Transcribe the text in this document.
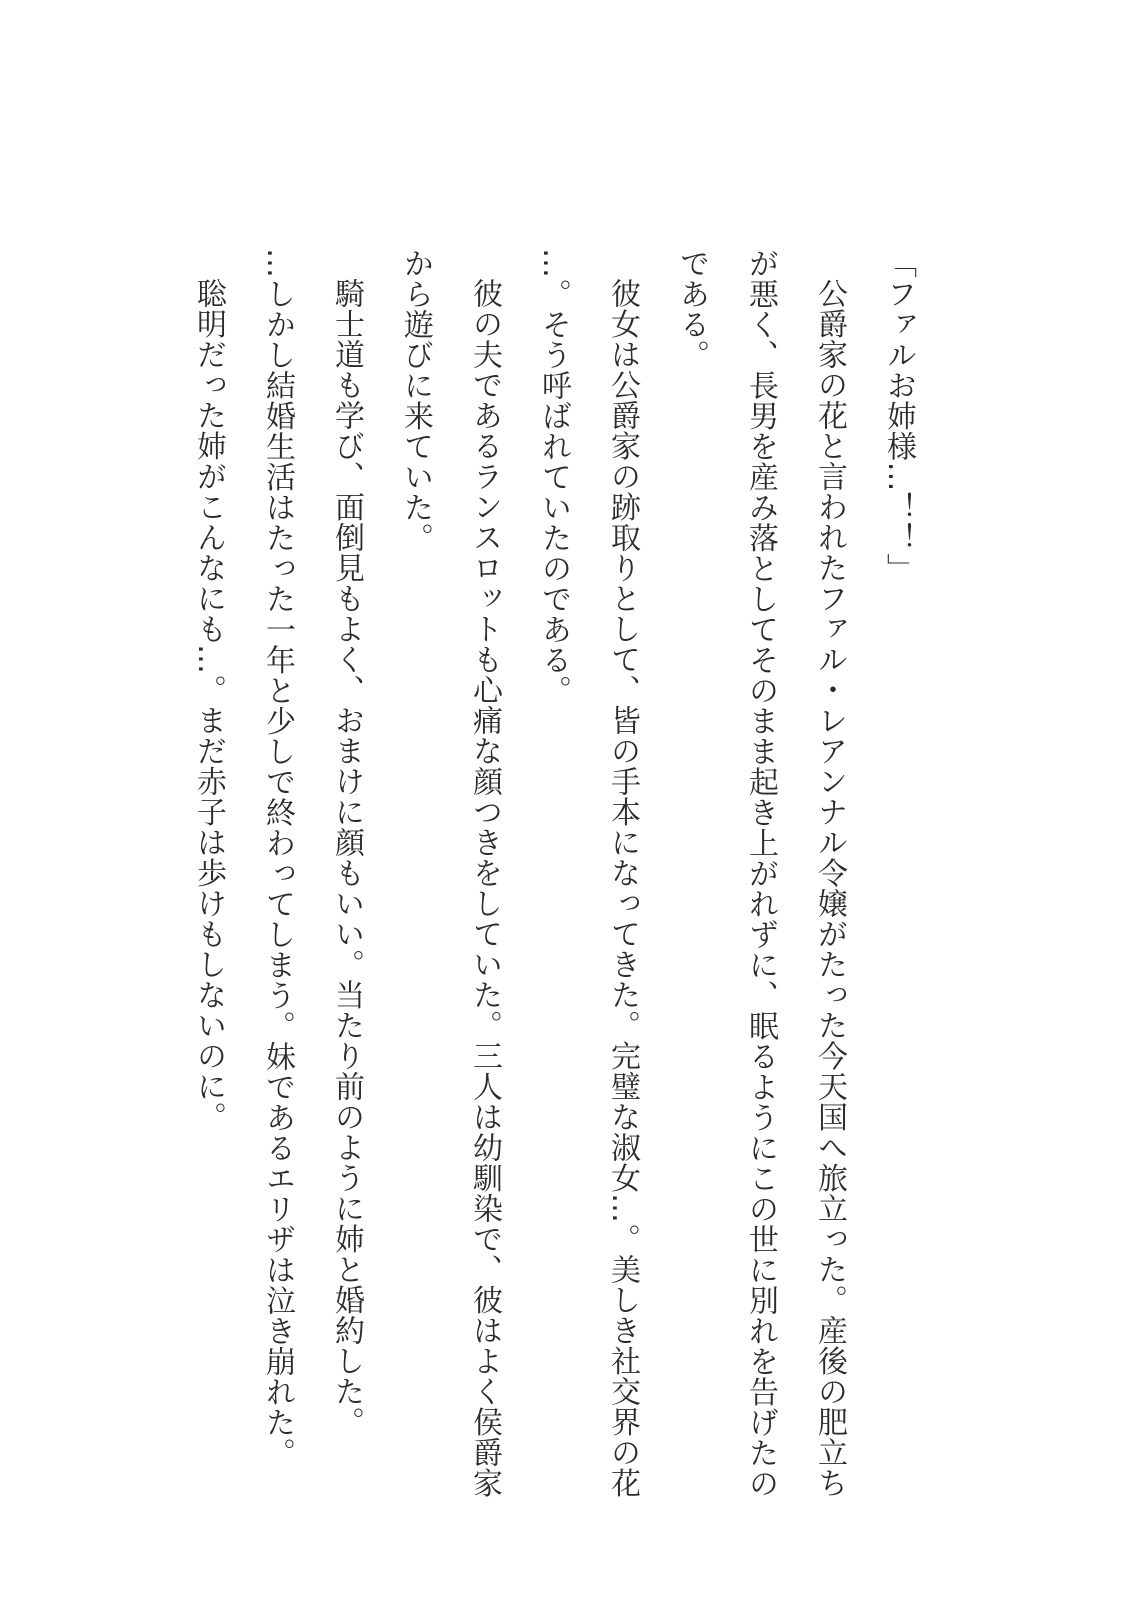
「ファルお姉様…！！」
公爵家の花と言われたファル・レアンナル令嬢がたった今天国へ旅立った。産後の肥立ち
が悪く、長男を産み落としてそのまま起き上がれずに、眠るようにこの世に別れを告げたの
である。
彼女は公爵家の跡取りとして、皆の手本になってきた。完璧な淑女…。美しき社交界の花
…。そう呼ばれていたのである。
彼の夫であるランスロットも心痛な顔つきをしていた。三人は幼馴染で、彼はよく侯爵家
から遊びに来ていた。
騎士道も学び、面倒見もよく、おまけに顔もいい。当たり前のように姉と婚約した。
…しかし結婚生活はたった一年と少しで終わってしまう。妹であるエリザは泣き崩れた。
聡明だった姉がこんなにも…。まだ赤子は歩けもしないのに。
